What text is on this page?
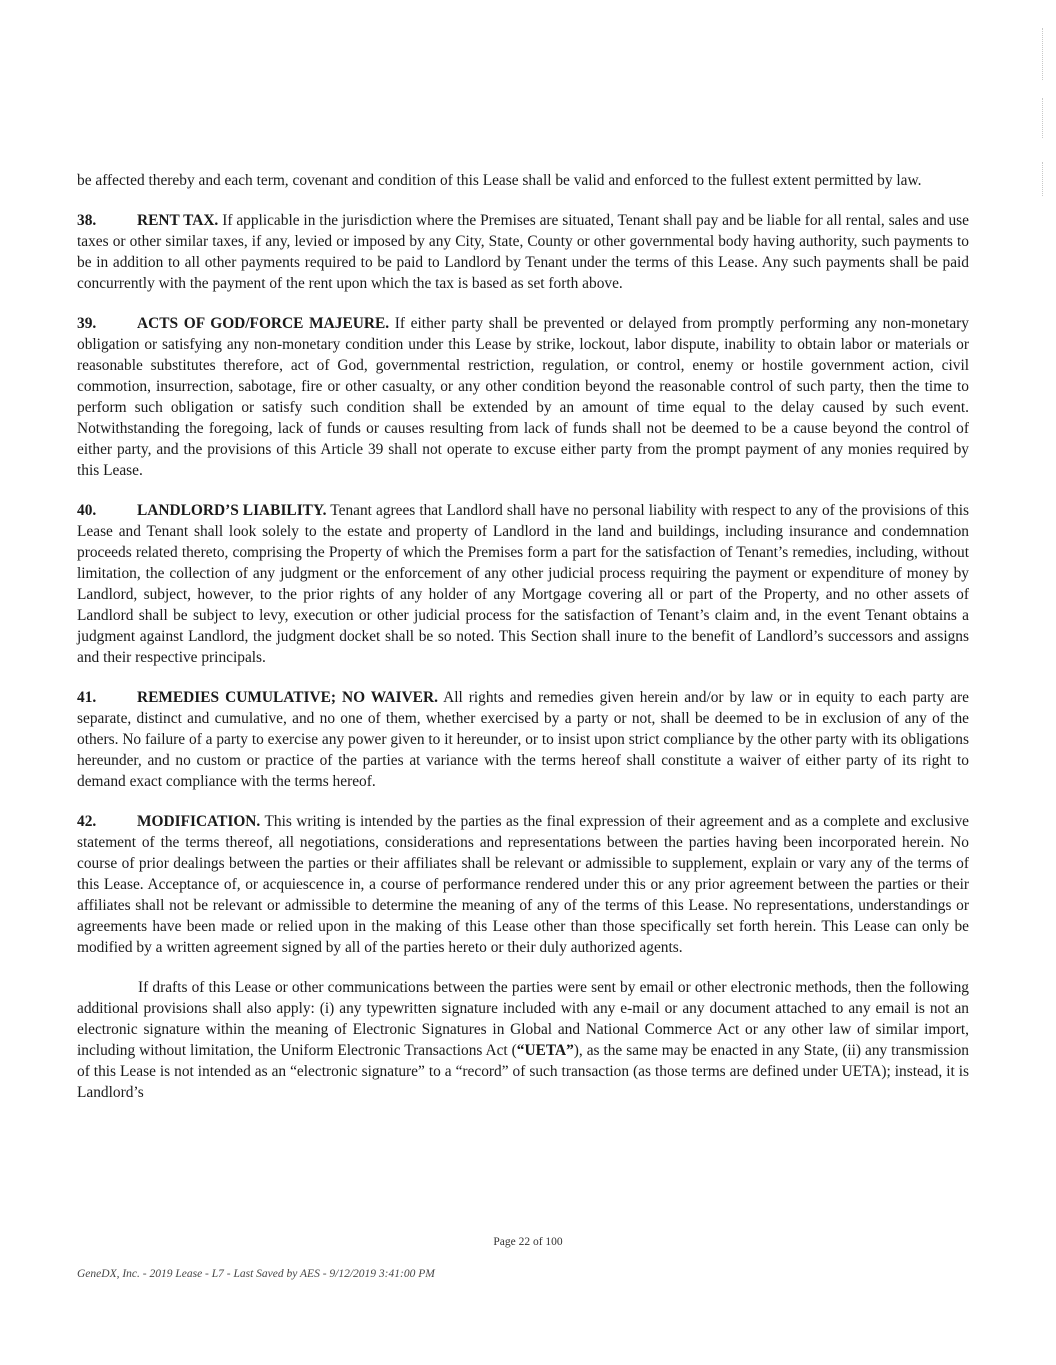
be affected thereby and each term, covenant and condition of this Lease shall be valid and enforced to the fullest extent permitted by law.

38.	RENT TAX. If applicable in the jurisdiction where the Premises are situated, Tenant shall pay and be liable for all rental, sales and use taxes or other similar taxes, if any, levied or imposed by any City, State, County or other governmental body having authority, such payments to be in addition to all other payments required to be paid to Landlord by Tenant under the terms of this Lease. Any such payments shall be paid concurrently with the payment of the rent upon which the tax is based as set forth above.

39.	ACTS OF GOD/FORCE MAJEURE. If either party shall be prevented or delayed from promptly performing any non-monetary obligation or satisfying any non-monetary condition under this Lease by strike, lockout, labor dispute, inability to obtain labor or materials or reasonable substitutes therefore, act of God, governmental restriction, regulation, or control, enemy or hostile government action, civil commotion, insurrection, sabotage, fire or other casualty, or any other condition beyond the reasonable control of such party, then the time to perform such obligation or satisfy such condition shall be extended by an amount of time equal to the delay caused by such event. Notwithstanding the foregoing, lack of funds or causes resulting from lack of funds shall not be deemed to be a cause beyond the control of either party, and the provisions of this Article 39 shall not operate to excuse either party from the prompt payment of any monies required by this Lease.

40.	LANDLORD’S LIABILITY. Tenant agrees that Landlord shall have no personal liability with respect to any of the provisions of this Lease and Tenant shall look solely to the estate and property of Landlord in the land and buildings, including insurance and condemnation proceeds related thereto, comprising the Property of which the Premises form a part for the satisfaction of Tenant’s remedies, including, without limitation, the collection of any judgment or the enforcement of any other judicial process requiring the payment or expenditure of money by Landlord, subject, however, to the prior rights of any holder of any Mortgage covering all or part of the Property, and no other assets of Landlord shall be subject to levy, execution or other judicial process for the satisfaction of Tenant’s claim and, in the event Tenant obtains a judgment against Landlord, the judgment docket shall be so noted. This Section shall inure to the benefit of Landlord’s successors and assigns and their respective principals.

41.	REMEDIES CUMULATIVE; NO WAIVER. All rights and remedies given herein and/or by law or in equity to each party are separate, distinct and cumulative, and no one of them, whether exercised by a party or not, shall be deemed to be in exclusion of any of the others. No failure of a party to exercise any power given to it hereunder, or to insist upon strict compliance by the other party with its obligations hereunder, and no custom or practice of the parties at variance with the terms hereof shall constitute a waiver of either party of its right to demand exact compliance with the terms hereof.

42.	MODIFICATION. This writing is intended by the parties as the final expression of their agreement and as a complete and exclusive statement of the terms thereof, all negotiations, considerations and representations between the parties having been incorporated herein. No course of prior dealings between the parties or their affiliates shall be relevant or admissible to supplement, explain or vary any of the terms of this Lease. Acceptance of, or acquiescence in, a course of performance rendered under this or any prior agreement between the parties or their affiliates shall not be relevant or admissible to determine the meaning of any of the terms of this Lease. No representations, understandings or agreements have been made or relied upon in the making of this Lease other than those specifically set forth herein. This Lease can only be modified by a written agreement signed by all of the parties hereto or their duly authorized agents.

If drafts of this Lease or other communications between the parties were sent by email or other electronic methods, then the following additional provisions shall also apply: (i) any typewritten signature included with any e-mail or any document attached to any email is not an electronic signature within the meaning of Electronic Signatures in Global and National Commerce Act or any other law of similar import, including without limitation, the Uniform Electronic Transactions Act (“UETA”), as the same may be enacted in any State, (ii) any transmission of this Lease is not intended as an “electronic signature” to a “record” of such transaction (as those terms are defined under UETA); instead, it is Landlord’s

Page 22 of 100
GeneDX, Inc. - 2019 Lease - L7 - Last Saved by AES - 9/12/2019 3:41:00 PM
